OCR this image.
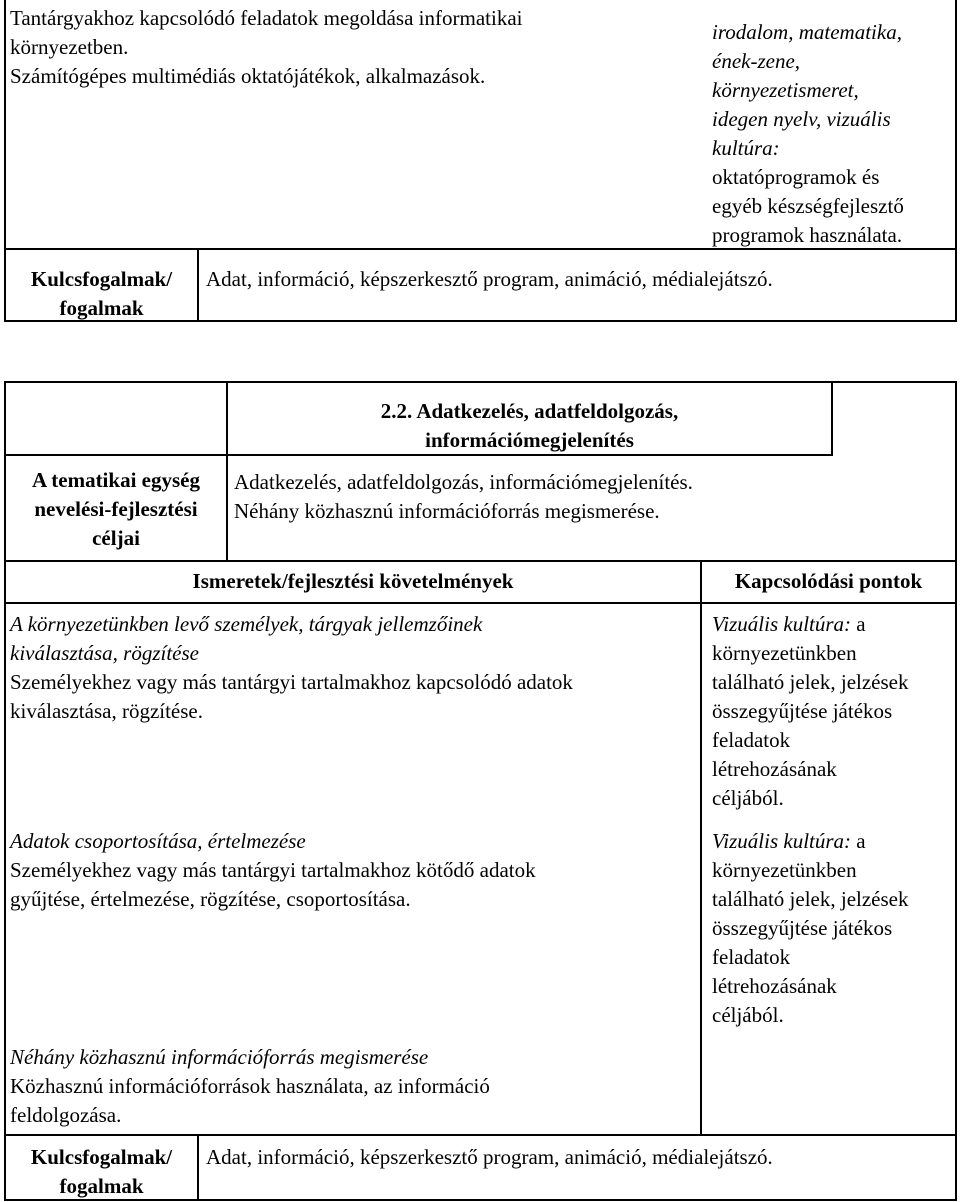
Tantárgyakhoz kapcsolódó feladatok megoldása informatikai
környezetben.
Számítógépes multimédiás oktatójátékok, alkalmazások.
irodalom, matematika,
ének-zene,
környezetismeret,
idegen nyelv, vizuális
kultúra:
oktatóprogramok és
egyéb készségfejlesztő
programok használata.
Kulcsfogalmak/
fogalmak
Adat, információ, képszerkesztő program, animáció, médialejátszó.
2.2. Adatkezelés, adatfeldolgozás,
információmegjelenítés
A tematikai egység
nevelési-fejlesztési
céljai
Adatkezelés, adatfeldolgozás, információmegjelenítés.
Néhány közhasznú információforrás megismerése.
Ismeretek/fejlesztési követelmények	Kapcsolódási pontok
A környezetünkben levő személyek, tárgyak jellemzőinek
kiválasztása, rögzítése
Személyekhez vagy más tantárgyi tartalmakhoz kapcsolódó adatok
kiválasztása, rögzítése.
Adatok csoportosítása, értelmezése
Személyekhez vagy más tantárgyi tartalmakhoz kötődő adatok
gyűjtése, értelmezése, rögzítése, csoportosítása.
Néhány közhasznú információforrás megismerése
Közhasznú információforrások használata, az információ
feldolgozása.
Vizuális kultúra: a
környezetünkben
található jelek, jelzések
összegyűjtése játékos
feladatok
létrehozásának
céljából.
Vizuális kultúra: a
környezetünkben
található jelek, jelzések
összegyűjtése játékos
feladatok
létrehozásának
céljából.
Kulcsfogalmak/
fogalmak
Adat, információ, képszerkesztő program, animáció, médialejátszó.
